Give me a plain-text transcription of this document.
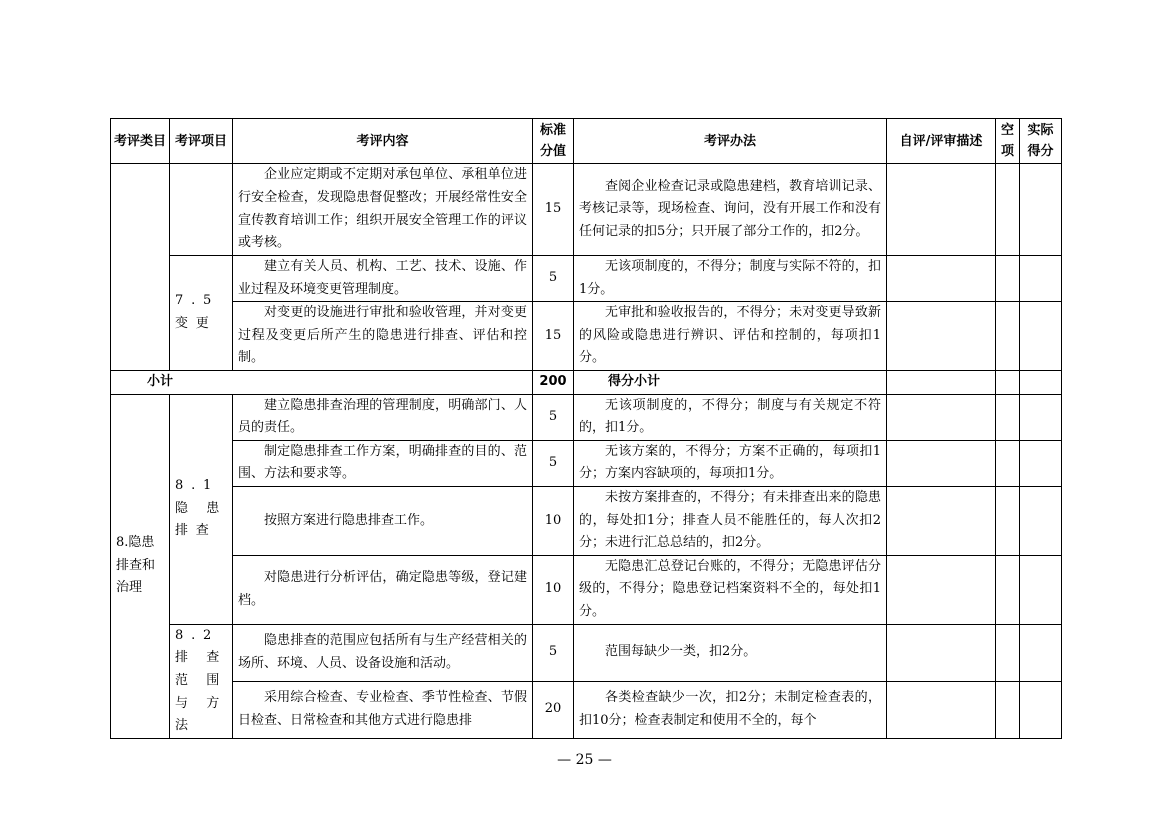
考评类目	考评项目	考评内容	标准分值	考评办法	自评/评审描述	空项	实际得分
		企业应定期或不定期对承包单位、承租单位进行安全检查，发现隐患督促整改；开展经常性安全宣传教育培训工作；组织开展安全管理工作的评议或考核。	15	查阅企业检查记录或隐患建档，教育培训记录、考核记录等，现场检查、询问，没有开展工作和没有任何记录的扣5分；只开展了部分工作的，扣2分。			
	7.5 变更	建立有关人员、机构、工艺、技术、设施、作业过程及环境变更管理制度。	5	无该项制度的，不得分；制度与实际不符的，扣1分。			
		对变更的设施进行审批和验收管理，并对变更过程及变更后所产生的隐患进行排查、评估和控制。	15	无审批和验收报告的，不得分；未对变更导致新的风险或隐患进行辨识、评估和控制的，每项扣1分。			
小计			200	得分小计			
8.隐患排查和治理	8.1 隐患排查	建立隐患排查治理的管理制度，明确部门、人员的责任。	5	无该项制度的，不得分；制度与有关规定不符的，扣1分。			
		制定隐患排查工作方案，明确排查的目的、范围、方法和要求等。	5	无该方案的，不得分；方案不正确的，每项扣1分；方案内容缺项的，每项扣1分。			
		按照方案进行隐患排查工作。	10	未按方案排查的，不得分；有未排查出来的隐患的，每处扣1分；排查人员不能胜任的，每人次扣2分；未进行汇总总结的，扣2分。			
		对隐患进行分析评估，确定隐患等级，登记建档。	10	无隐患汇总登记台账的，不得分；无隐患评估分级的，不得分；隐患登记档案资料不全的，每处扣1分。			
	8.2 排查范围与方法	隐患排查的范围应包括所有与生产经营相关的场所、环境、人员、设备设施和活动。	5	范围每缺少一类，扣2分。			
		采用综合检查、专业检查、季节性检查、节假日检查、日常检查和其他方式进行隐患排	20	各类检查缺少一次，扣2分；未制定检查表的，扣10分；检查表制定和使用不全的，每个			
— 25 —
